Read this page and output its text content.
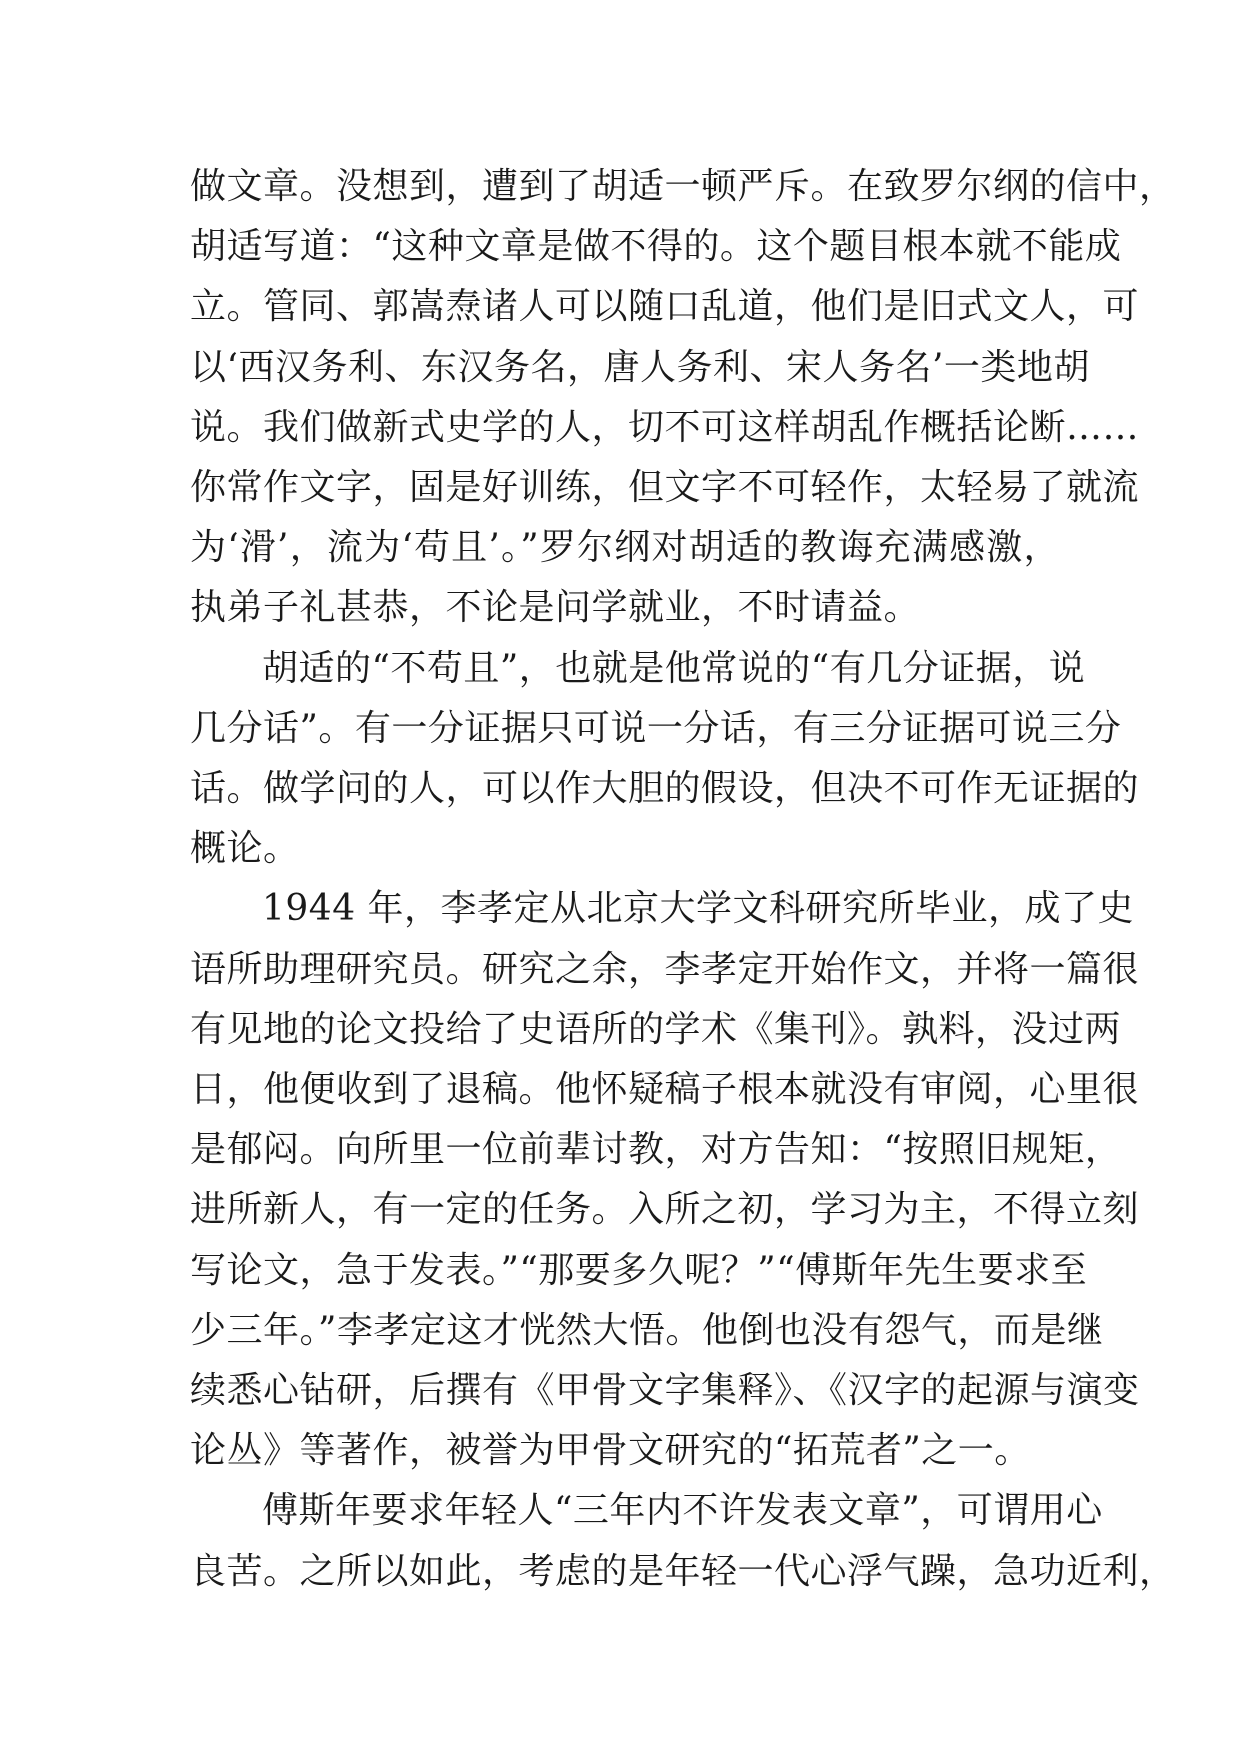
做文章。没想到，遭到了胡适一顿严斥。在致罗尔纲的信中，
胡适写道：“这种文章是做不得的。这个题目根本就不能成
立。管同、郭嵩焘诸人可以随口乱道，他们是旧式文人，可
以‘西汉务利、东汉务名，唐人务利、宋人务名’一类地胡
说。我们做新式史学的人，切不可这样胡乱作概括论断……
你常作文字，固是好训练，但文字不可轻作，太轻易了就流
为‘滑’，流为‘苟且’。”罗尔纲对胡适的教诲充满感激，
执弟子礼甚恭，不论是问学就业，不时请益。

胡适的“不苟且”，也就是他常说的“有几分证据，说
几分话”。有一分证据只可说一分话，有三分证据可说三分
话。做学问的人，可以作大胆的假设，但决不可作无证据的
概论。

1944 年，李孝定从北京大学文科研究所毕业，成了史
语所助理研究员。研究之余，李孝定开始作文，并将一篇很
有见地的论文投给了史语所的学术《集刊》。孰料，没过两
日，他便收到了退稿。他怀疑稿子根本就没有审阅，心里很
是郁闷。向所里一位前辈讨教，对方告知：“按照旧规矩，
进所新人，有一定的任务。入所之初，学习为主，不得立刻
写论文，急于发表。”“那要多久呢？”“傅斯年先生要求至
少三年。”李孝定这才恍然大悟。他倒也没有怨气，而是继
续悉心钻研，后撰有《甲骨文字集释》、《汉字的起源与演变
论丛》等著作，被誉为甲骨文研究的“拓荒者”之一。

傅斯年要求年轻人“三年内不许发表文章”，可谓用心
良苦。之所以如此，考虑的是年轻一代心浮气躁，急功近利，
